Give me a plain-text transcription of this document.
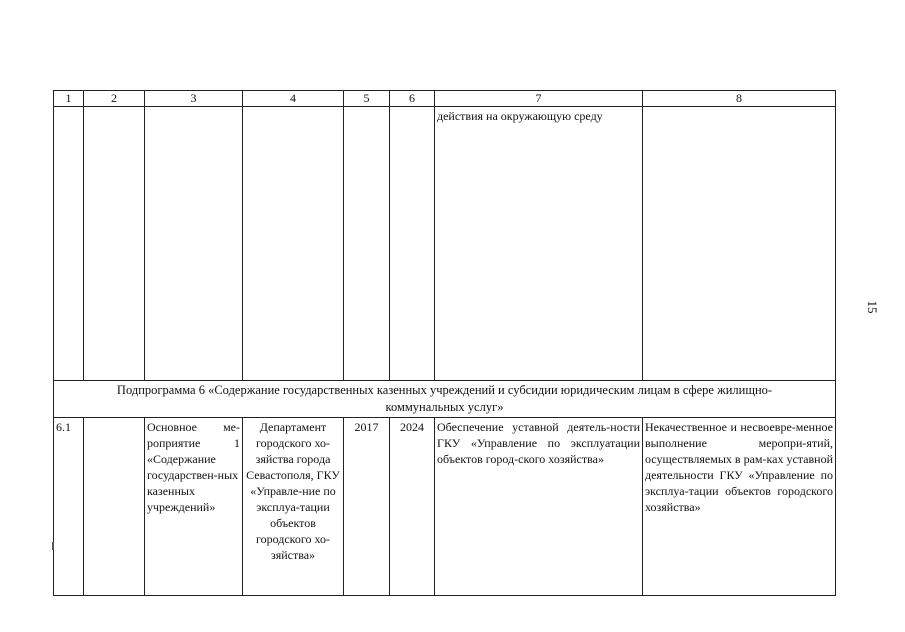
15
1	2	3	4	5	6	7	8

						действия на окружающую среду	

Подпрограмма 6 «Содержание государственных казенных учреждений и субсидии юридическим лицам в сфере жилищно-коммунальных услуг»							

6.1		Основное ме-роприятие 1 «Содержание государствен-ных казенных учреждений»	Департамент городского хо-зяйства города Севастополя, ГКУ «Управле-ние по эксплуа-тации объектов городского хо-зяйства»	2017	2024	Обеспечение уставной деятель-ности ГКУ «Управление по эксплуатации объектов город-ского хозяйства»	Некачественное и несвоевре-менное выполнение меропри-ятий, осуществляемых в рам-ках уставной деятельности ГКУ «Управление по эксплуа-тации объектов городского хозяйства»
